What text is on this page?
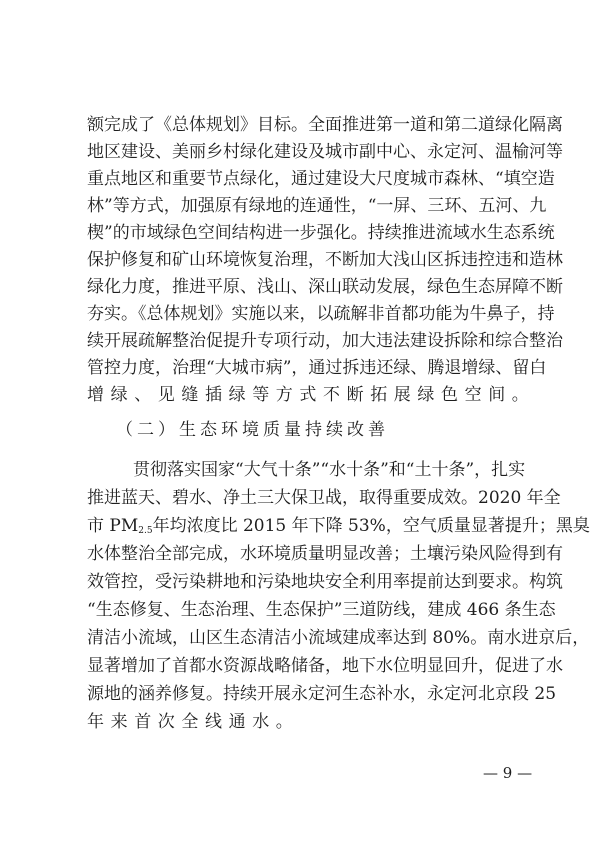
额完成了《总体规划》目标。全面推进第一道和第二道绿化隔离
地区建设、美丽乡村绿化建设及城市副中心、永定河、温榆河等
重点地区和重要节点绿化，通过建设大尺度城市森林、“填空造
林”等方式，加强原有绿地的连通性，“一屏、三环、五河、九
楔”的市域绿色空间结构进一步强化。持续推进流域水生态系统
保护修复和矿山环境恢复治理，不断加大浅山区拆违控违和造林
绿化力度，推进平原、浅山、深山联动发展，绿色生态屏障不断
夯实。《总体规划》实施以来，以疏解非首都功能为牛鼻子，持
续开展疏解整治促提升专项行动，加大违法建设拆除和综合整治
管控力度，治理“大城市病”，通过拆违还绿、腾退增绿、留白
增绿、见缝插绿等方式不断拓展绿色空间。
（二）生态环境质量持续改善
贯彻落实国家“大气十条”“水十条”和“土十条”，扎实
推进蓝天、碧水、净土三大保卫战，取得重要成效。2020 年全
市 $PM_{2.5}$年均浓度比 2015 年下降 53%，空气质量显著提升；黑臭
水体整治全部完成，水环境质量明显改善；土壤污染风险得到有
效管控，受污染耕地和污染地块安全利用率提前达到要求。构筑
“生态修复、生态治理、生态保护”三道防线，建成 466 条生态
清洁小流域，山区生态清洁小流域建成率达到 80%。南水进京后，
显著增加了首都水资源战略储备，地下水位明显回升，促进了水
源地的涵养修复。持续开展永定河生态补水，永定河北京段 25
年来首次全线通水。
— 9 —
